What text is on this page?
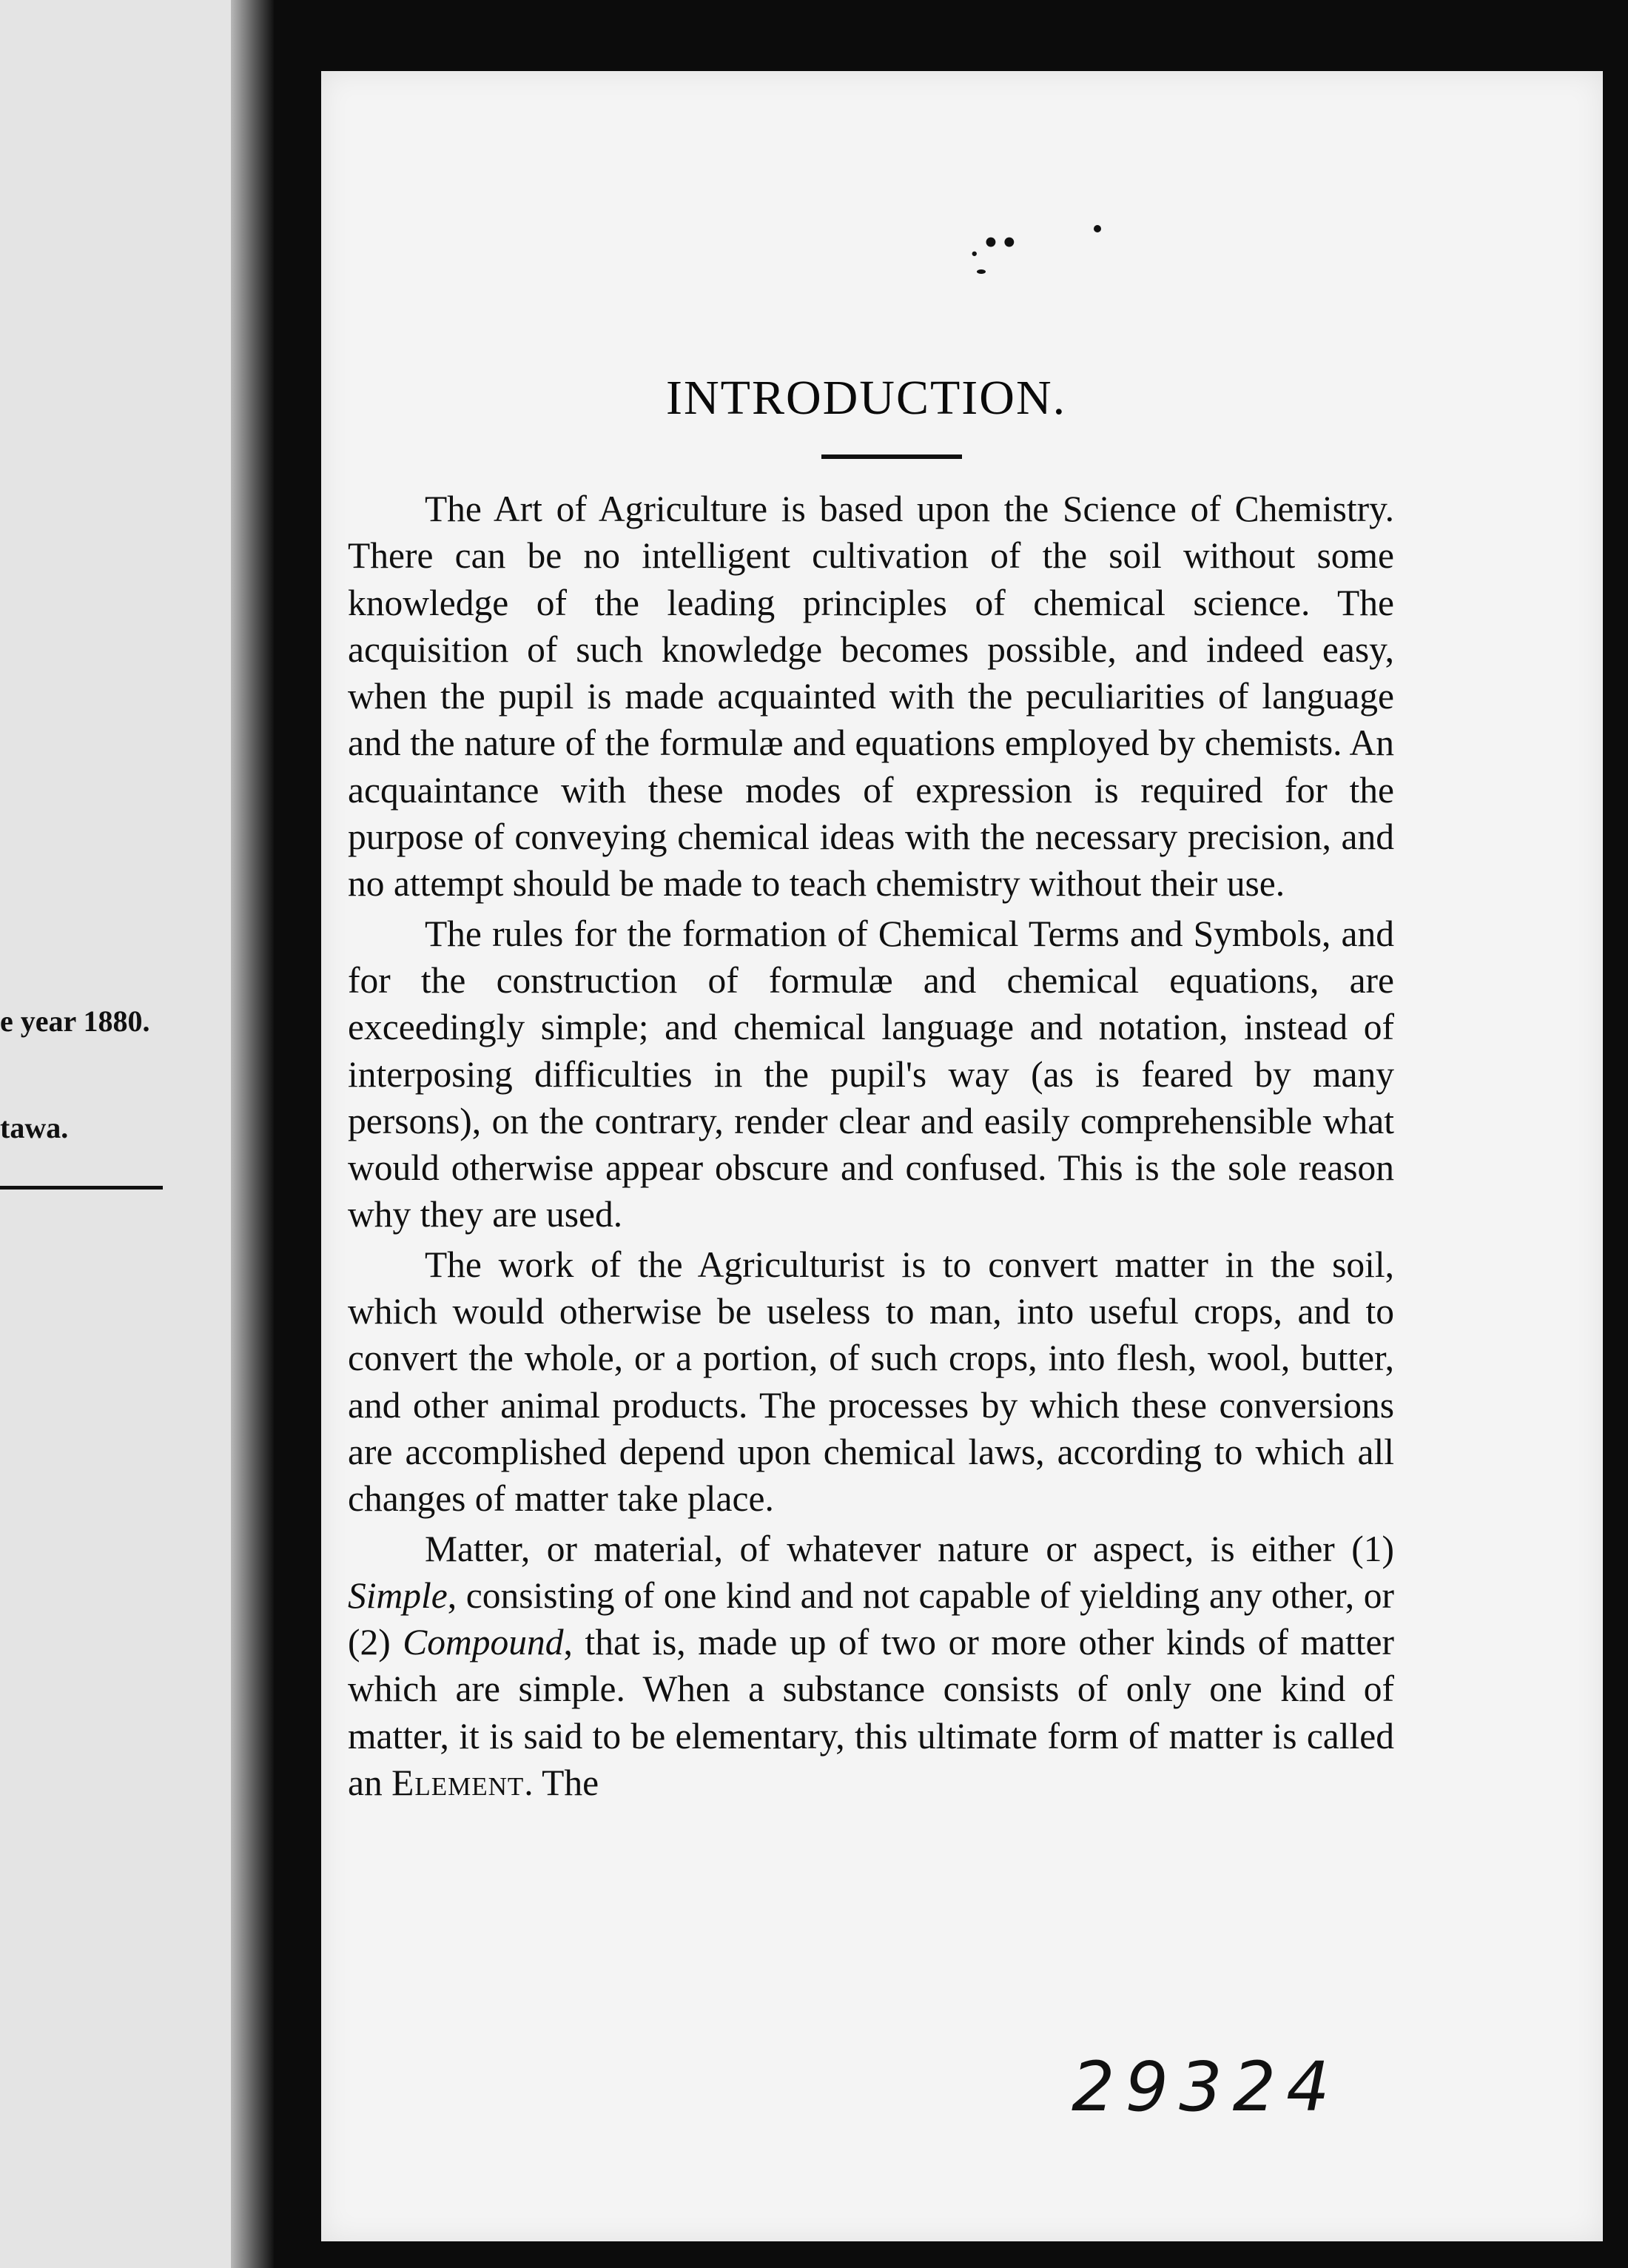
e year 1880.
tawa.
.••
INTRODUCTION.

The Art of Agriculture is based upon the Science of Chemistry. There can be no intelligent cultivation of the soil without some knowledge of the leading principles of chemical science. The acquisition of such knowledge becomes possible, and indeed easy, when the pupil is made acquainted with the peculiarities of language and the nature of the formulæ and equations employed by chemists. An acquaintance with these modes of expression is required for the purpose of conveying chemical ideas with the necessary precision, and no attempt should be made to teach chemistry without their use.

The rules for the formation of Chemical Terms and Symbols, and for the construction of formulæ and chemical equations, are exceedingly simple; and chemical language and notation, instead of interposing difficulties in the pupil's way (as is feared by many persons), on the contrary, render clear and easily comprehensible what would otherwise appear obscure and confused. This is the sole reason why they are used.

The work of the Agriculturist is to convert matter in the soil, which would otherwise be useless to man, into useful crops, and to convert the whole, or a portion, of such crops, into flesh, wool, butter, and other animal products. The processes by which these conversions are accomplished depend upon chemical laws, according to which all changes of matter take place.

Matter, or material, of whatever nature or aspect, is either (1) Simple, consisting of one kind and not capable of yielding any other, or (2) Compound, that is, made up of two or more other kinds of matter which are simple. When a substance consists of only one kind of matter, it is said to be elementary, this ultimate form of matter is called an Element. The

29324
